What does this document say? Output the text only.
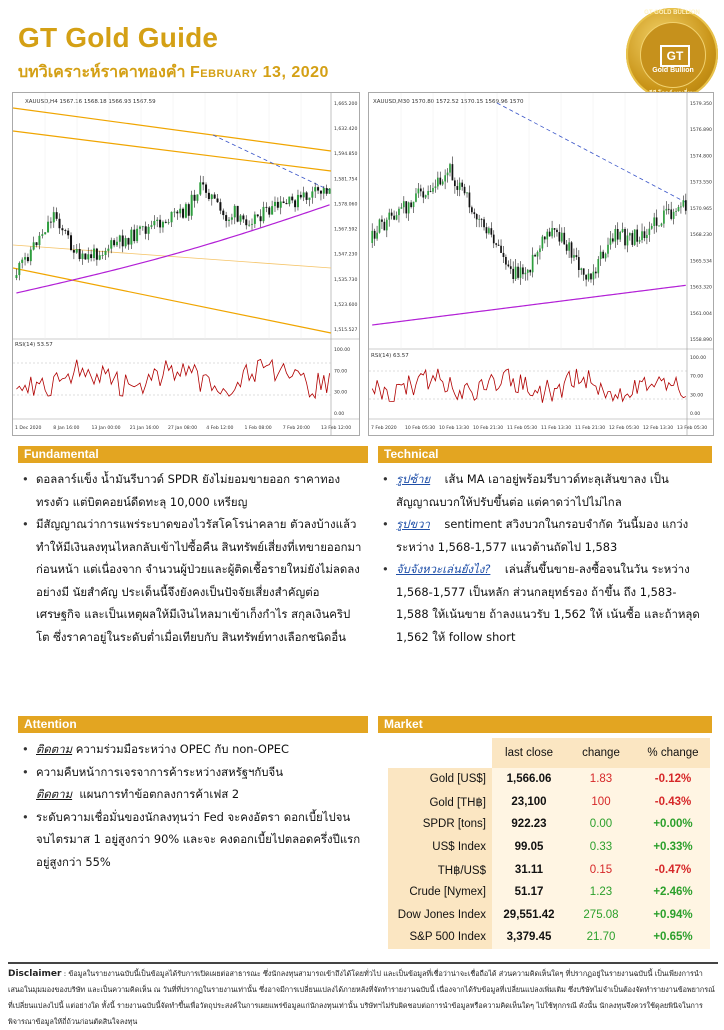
GT Gold Guide
บทวิเคราะห์ราคาทองคำ February 13, 2020
GT GOLD BULLION
GT
Gold Bullion
XAUUSD,H4 1567.16 1568.18 1566.93 1567.59	1,665.200
1,632.420
1,594.850
1,581.754
1,578.060
1,567.592
1,547.230
1,535.730
1,523.600
1,515.527
RSI(14) 53.57
100.00
70.00
30.00
0.00
1 Dec 2020	8 Jan 16:00	13 Jan 00:00 21 Jan 16:00 27 Jan 08:00 4 Feb 12:00 1 Feb 08:00 7 Feb 20:00 13 Feb 12:00
XAUUSD,M30 1570.80 1572.52 1570.15 1569.96 1570	1579.350
1576.890
1574.800
1573.550
1570.965
1568.230
1565.534
1563.320
1561.004
1558.890
RSI(14) 63.57	100.00
70.00
30.00
0.00
7 Feb 2020 10 Feb 05:30 10 Feb 13:30 10 Feb 21:30 11 Feb 05:30 11 Feb 13:30 11 Feb 21:30 12 Feb 05:30 12 Feb 13:30 13 Feb 05:30
Fundamental
• ดอลลาร์แข็ง น้ำมันรีบาวด์ SPDR ยังไม่ยอมขายออก ราคาทองทรงตัว แต่บิตคอยน์ดีดทะลุ 10,000 เหรียญ
• มีสัญญาณว่าการแพร่ระบาดของไวรัสโคโรน่าคลาย ตัวลงบ้างแล้ว ทำให้มีเงินลงทุนไหลกลับเข้าไปซื้อคืน สินทรัพย์เสี่ยงที่เทขายออกมาก่อนหน้า แต่เนื่องจาก จำนวนผู้ป่วยและผู้ติดเชื้อรายใหม่ยังไม่ลดลงอย่างมี นัยสำคัญ ประเด็นนี้จึงยังคงเป็นปัจจัยเสี่ยงสำคัญต่อ เศรษฐกิจ และเป็นเหตุผลให้มีเงินไหลมาเข้าเก็งกำไร สกุลเงินคริปโต ซึ่งราคาอยู่ในระดับต่ำเมื่อเทียบกับ สินทรัพย์ทางเลือกชนิดอื่น
Technical
• รูปซ้าย เส้น MA เอาอยู่พร้อมรีบาวด์ทะลุเส้นขาลง เป็นสัญญาณบวกให้ปรับขึ้นต่อ แต่คาดว่าไปไม่ไกล
• รูปขวา sentiment สวิงบวกในกรอบจำกัด วันนี้มอง แกว่งระหว่าง 1,568-1,577 แนวต้านถัดไป 1,583
• จับจังหวะเล่นยังไง? เล่นสั้นขึ้นขาย-ลงซื้อจนในวัน ระหว่าง 1,568-1,577 เป็นหลัก ส่วนกลยุทธ์รอง ถ้าขึ้น ถึง 1,583-1,588 ให้เน้นขาย ถ้าลงแนวรับ 1,562 ให้ เน้นซื้อ และถ้าหลุด 1,562 ให้ follow short
Attention
• ติดตาม ความร่วมมือระหว่าง OPEC กับ non-OPEC
• ความคืบหน้าการเจรจาการค้าระหว่างสหรัฐฯกับจีน
ติดตาม แผนการทำข้อตกลงการค้าเฟส 2
• ระดับความเชื่อมั่นของนักลงทุนว่า Fed จะคงอัตรา ดอกเบี้ยไปจนจบไตรมาส 1 อยู่สูงกว่า 90% และจะ คงดอกเบี้ยไปตลอดครึ่งปีแรก อยู่สูงกว่า 55%
Market
	last close	change	% change
Gold [US$]	1,566.06	1.83	-0.12%
Gold [TH฿]	23,100	100	-0.43%
SPDR [tons]	922.23	0.00	+0.00%
US$ Index	99.05	0.33	+0.33%
TH฿/US$	31.11	0.15	-0.47%
Crude [Nymex]	51.17	1.23	+2.46%
Dow Jones Index	29,551.42	275.08	+0.94%
S&P 500 Index	3,379.45	21.70	+0.65%
Disclaimer : ข้อมูลในรายงานฉบับนี้เป็นข้อมูลได้รับการเปิดเผยต่อสาธารณะ ซึ่งนักลงทุนสามารถเข้าถึงได้โดยทั่วไป และเป็นข้อมูลที่เชื่อว่าน่าจะเชื่อถือได้ ส่วนความคิดเห็นใดๆ ที่ปรากฏอยู่ในรายงานฉบับนี้ เป็นเพียงการนำเสนอในมุมมองของบริษัท และเป็นความคิดเห็น ณ วันที่ที่ปรากฏในรายงานเท่านั้น ซึ่งอาจมีการเปลี่ยนแปลงได้ภายหลังที่จัดทำรายงานฉบับนี้ เนื่องจากได้รับข้อมูลที่เปลี่ยนแปลงเพิ่มเติม ซึ่งบริษัทไม่จำเป็นต้องจัดทำรายงานข้อพยากรณ์ที่เปลี่ยนแปลงไปนี้ แต่อย่างใด ทั้งนี้ รายงานฉบับนี้จัดทำขึ้นเพื่อวัตถุประสงค์ในการเผยแพร่ข้อมูลแก่นักลงทุนเท่านั้น บริษัทฯไม่รับผิดชอบต่อการนำข้อมูลหรือความคิดเห็นใดๆ ไปใช้ทุกกรณี ดังนั้น นักลงทุนจึงควรใช้ดุลยพินิจในการพิจารณาข้อมูลให้ถี่ถ้วนก่อนตัดสินใจลงทุน
